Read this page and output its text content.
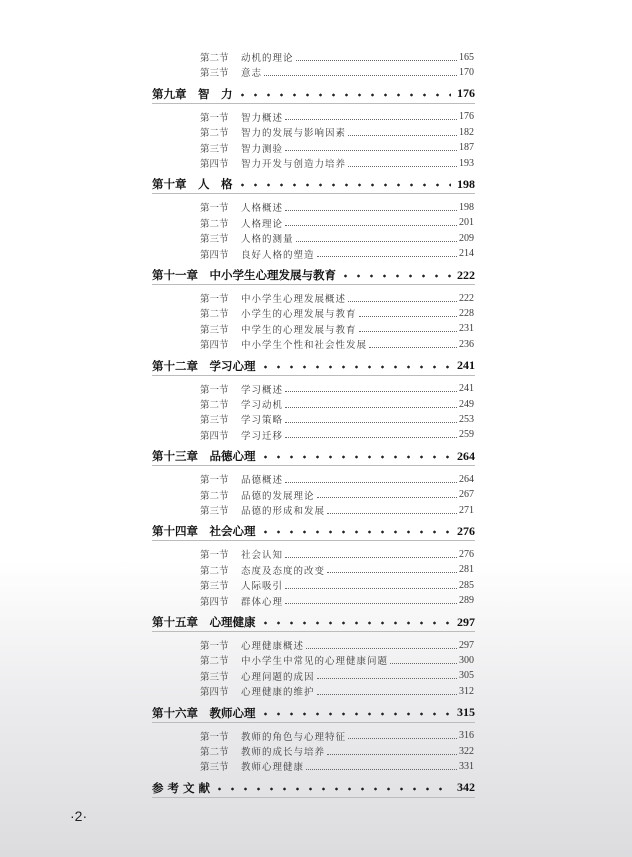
第二节	动机的理论	165
第三节	意志	170
第九章　智　力	176
第一节	智力概述	176
第二节	智力的发展与影响因素	182
第三节	智力测验	187
第四节	智力开发与创造力培养	193
第十章　人　格	198
第一节	人格概述	198
第二节	人格理论	201
第三节	人格的测量	209
第四节	良好人格的塑造	214
第十一章　中小学生心理发展与教育	222
第一节	中小学生心理发展概述	222
第二节	小学生的心理发展与教育	228
第三节	中学生的心理发展与教育	231
第四节	中小学生个性和社会性发展	236
第十二章　学习心理	241
第一节	学习概述	241
第二节	学习动机	249
第三节	学习策略	253
第四节	学习迁移	259
第十三章　品德心理	264
第一节	品德概述	264
第二节	品德的发展理论	267
第三节	品德的形成和发展	271
第十四章　社会心理	276
第一节	社会认知	276
第二节	态度及态度的改变	281
第三节	人际吸引	285
第四节	群体心理	289
第十五章　心理健康	297
第一节	心理健康概述	297
第二节	中小学生中常见的心理健康问题	300
第三节	心理问题的成因	305
第四节	心理健康的维护	312
第十六章　教师心理	315
第一节	教师的角色与心理特征	316
第二节	教师的成长与培养	322
第三节	教师心理健康	331
参 考 文 献	342
·2·
